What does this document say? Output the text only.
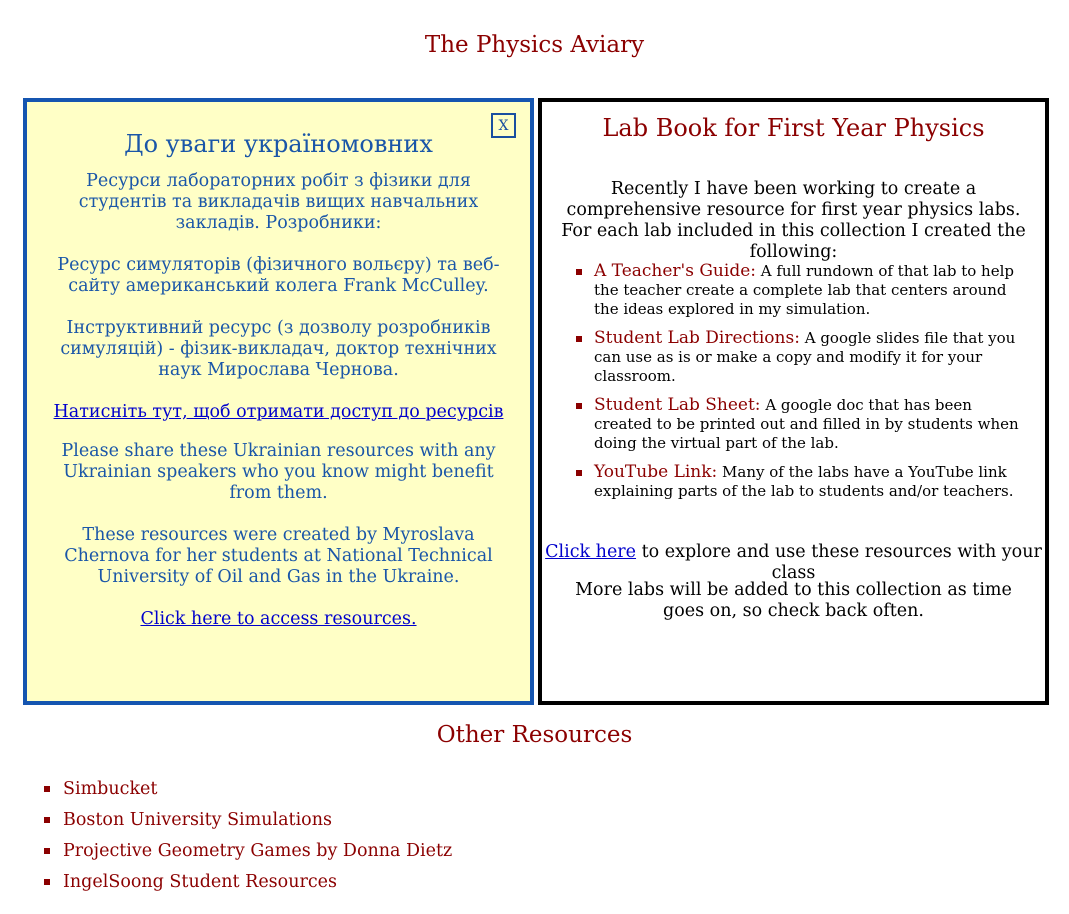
The Physics Aviary
X
До уваги україномовних

Ресурси лабораторних робіт з фізики для студентів та викладачів вищих навчальних закладів. Розробники:

Ресурс симуляторів (фізичного вольєру) та веб-сайту американський колега Frank McCulley.

Інструктивний ресурс (з дозволу розробників симуляцій) - фізик-викладач, доктор технічних наук Мирослава Чернова.

Натисніть тут, щоб отримати доступ до ресурсів

Please share these Ukrainian resources with any Ukrainian speakers who you know might benefit from them.

These resources were created by Myroslava Chernova for her students at National Technical University of Oil and Gas in the Ukraine.

Click here to access resources.

Lab Book for First Year Physics

Recently I have been working to create a comprehensive resource for first year physics labs. For each lab included in this collection I created the following:

A Teacher's Guide: A full rundown of that lab to help the teacher create a complete lab that centers around the ideas explored in my simulation.
Student Lab Directions: A google slides file that you can use as is or make a copy and modify it for your classroom.
Student Lab Sheet: A google doc that has been created to be printed out and filled in by students when doing the virtual part of the lab.
YouTube Link: Many of the labs have a YouTube link explaining parts of the lab to students and/or teachers.

Click here to explore and use these resources with your class

More labs will be added to this collection as time goes on, so check back often.

Other Resources
Simbucket
Boston University Simulations
Projective Geometry Games by Donna Dietz
IngelSoong Student Resources
